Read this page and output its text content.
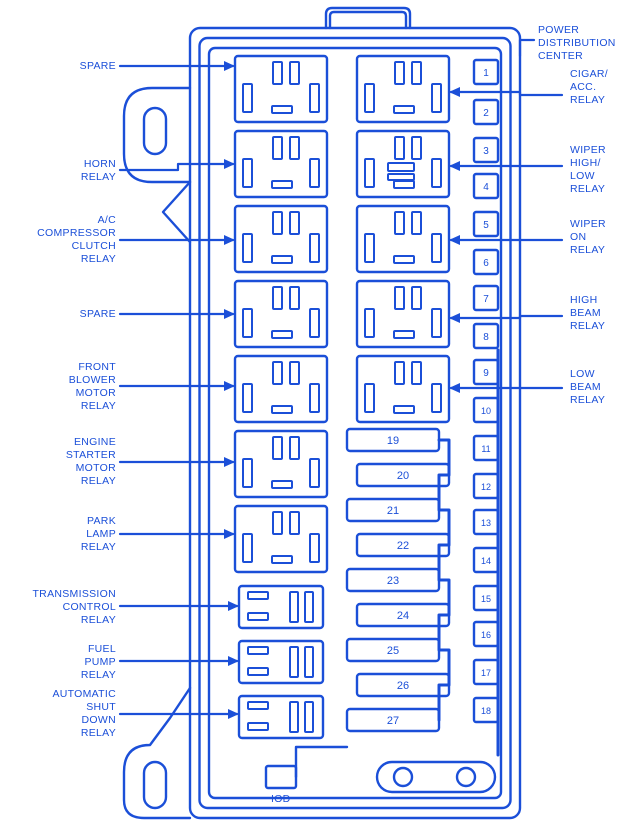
1
2
3
4
5
6
7
8
9
10
11
12
13
14
15
16
17
18
19
20
21
22
23
24
25
26
27
POWER
DISTRIBUTION
CENTER
IOD
SPARE
HORN
RELAY
A/C
COMPRESSOR
CLUTCH
RELAY
SPARE
FRONT
BLOWER
MOTOR
RELAY
ENGINE
STARTER
MOTOR
RELAY
PARK
LAMP
RELAY
TRANSMISSION
CONTROL
RELAY
FUEL
PUMP
RELAY
AUTOMATIC
SHUT
DOWN
RELAY
CIGAR/
ACC.
RELAY
WIPER
HIGH/
LOW
RELAY
WIPER
ON
RELAY
HIGH
BEAM
RELAY
LOW
BEAM
RELAY
